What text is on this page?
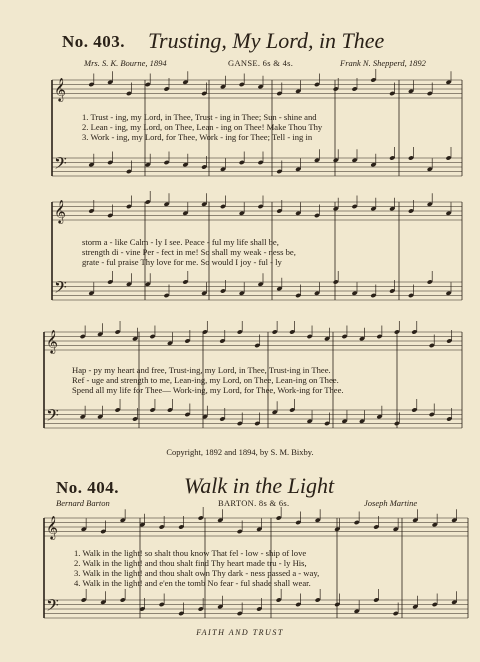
𝄞
𝄢
𝄞
𝄢
𝄞
𝄢
𝄞
𝄢
No. 403. Trusting, My Lord, in Thee
Mrs. S. K. Bourne, 1894	GANSE. 6s & 4s.	Frank N. Shepperd, 1892
1. Trust - ing, my Lord, in Thee, Trust - ing in Thee; Sun - shine and
2. Lean - ing, my Lord, on Thee, Lean - ing on Thee! Make Thou Thy
3. Work - ing, my Lord, for Thee, Work - ing for Thee; Tell - ing in
storm a - like Calm - ly I see. Peace - ful my life shall be,
strength di - vine Per - fect in me! So shall my weak - ness be,
grate - ful praise Thy love for me. So would I joy - ful - ly
Hap - py my heart and free, Trust-ing, my Lord, in Thee, Trust-ing in Thee.
Ref - uge and strength to me, Lean-ing, my Lord, on Thee, Lean-ing on Thee.
Spend all my life for Thee— Work-ing, my Lord, for Thee, Work-ing for Thee.
Copyright, 1892 and 1894, by S. M. Bixby.
No. 404.	Walk in the Light
Bernard Barton	BARTON. 8s & 6s.	Joseph Martine
1. Walk in the light! so shalt thou know That fel - low - ship of love
2. Walk in the light! and thou shalt find Thy heart made tru - ly His,
3. Walk in the light! and thou shalt own Thy dark - ness passed a - way,
4. Walk in the light! and e'en the tomb No fear - ful shade shall wear.
FAITH AND TRUST
